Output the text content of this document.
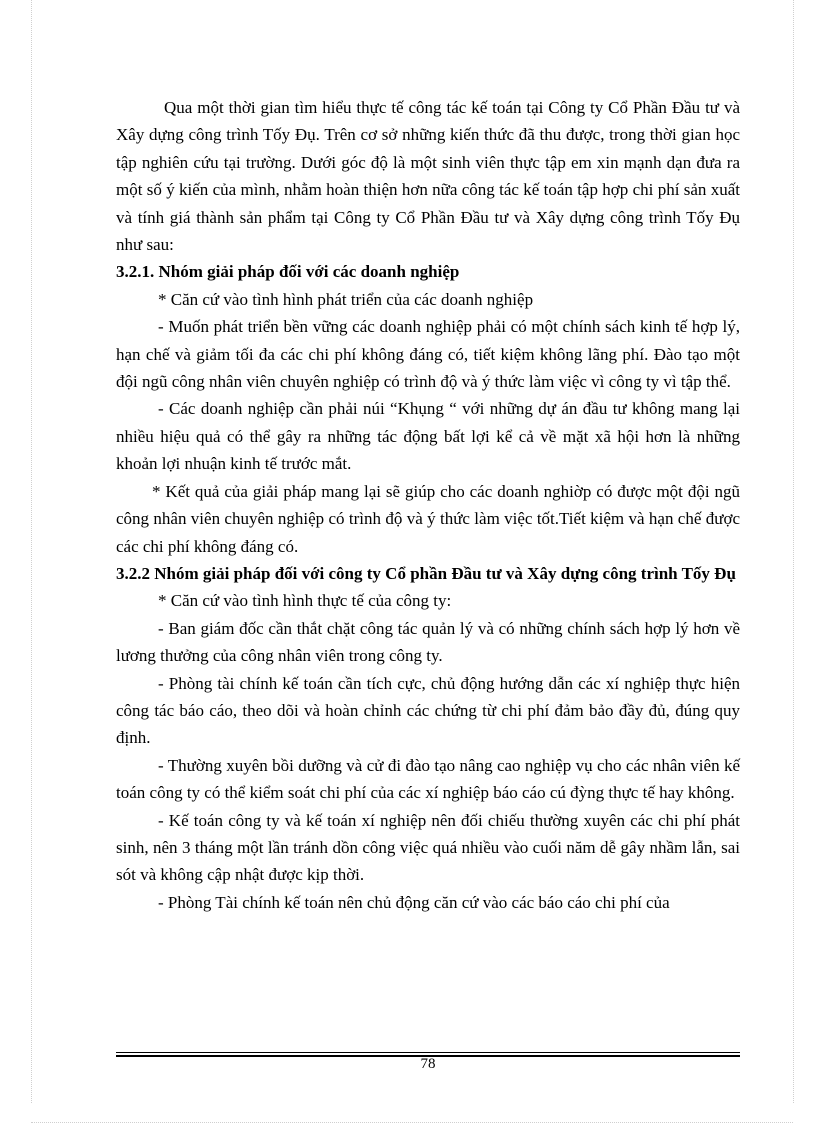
Qua một thời gian tìm hiểu thực tế công tác kế toán tại Công ty Cổ Phần Đầu tư và Xây dựng công trình Tốy Đụ. Trên cơ sở những kiến thức đã thu được, trong thời gian học tập nghiên cứu tại trường. Dưới góc độ là một sinh viên thực tập em xin mạnh dạn đưa ra một số ý kiến của mình, nhằm hoàn thiện hơn nữa công tác kế toán tập hợp chi phí sản xuất và tính giá thành sản phẩm tại Công ty Cổ Phần Đầu tư và Xây dựng công trình Tốy Đụ như sau:

3.2.1. Nhóm giải pháp đối với các doanh nghiệp

* Căn cứ vào tình hình phát triển của các doanh nghiệp

- Muốn phát triển bền vững các doanh nghiệp phải có một chính sách kinh tế hợp lý, hạn chế và giảm tối đa các chi phí không đáng có, tiết kiệm không lãng phí. Đào tạo một đội ngũ công nhân viên chuyên nghiệp có trình độ và ý thức làm việc vì công ty vì tập thể.

- Các doanh nghiệp cần phải núi “Khụng “ với những dự án đầu tư không mang lại nhiều hiệu quả có thể gây ra những tác động bất lợi kể cả về mặt xã hội hơn là những khoản lợi nhuận kinh tế trước mắt.

* Kết quả của giải pháp mang lại sẽ giúp cho các doanh nghiờp có được một đội ngũ công nhân viên chuyên nghiệp có trình độ và ý thức làm việc tốt.Tiết kiệm và hạn chế được các chi phí không đáng có.

3.2.2 Nhóm giải pháp đối với công ty Cổ phần Đầu tư và Xây dựng công trình Tốy Đụ

* Căn cứ vào tình hình thực tế của công ty:

- Ban giám đốc cần thắt chặt công tác quản lý và có những chính sách hợp lý hơn về lương thưởng của công nhân viên trong công ty.

- Phòng tài chính kế toán cần tích cực, chủ động hướng dẫn các xí nghiệp thực hiện công tác báo cáo, theo dõi và hoàn chỉnh các chứng từ chi phí đảm bảo đầy đủ, đúng quy định.

- Thường xuyên bồi dưỡng và cử đi đào tạo nâng cao nghiệp vụ cho các nhân viên kế toán công ty có thể kiểm soát chi phí của các xí nghiệp báo cáo cú đỳng thực tế hay không.

- Kế toán công ty và kế toán xí nghiệp nên đối chiếu thường xuyên các chi phí phát sinh, nên 3 tháng một lần tránh dồn công việc quá nhiều vào cuối năm dễ gây nhầm lẫn, sai sót và không cập nhật được kịp thời.

- Phòng Tài chính kế toán nên chủ động căn cứ vào các báo cáo chi phí của

78
